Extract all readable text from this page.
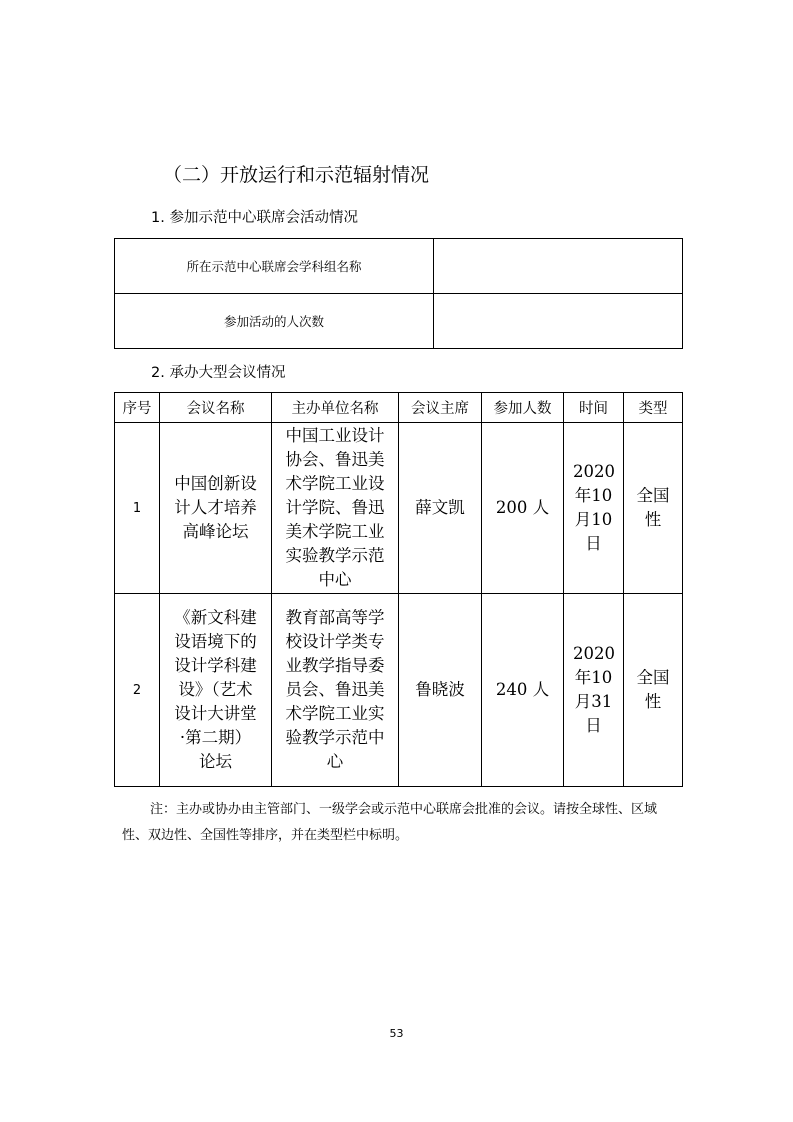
（二）开放运行和示范辐射情况
1. 参加示范中心联席会活动情况
所在示范中心联席会学科组名称	
参加活动的人次数	
2. 承办大型会议情况
序号	会议名称	主办单位名称	会议主席	参加人数	时间	类型
1	中国创新设计人才培养高峰论坛	中国工业设计协会、鲁迅美术学院工业设计学院、鲁迅美术学院工业实验教学示范中心	薛文凯	200 人	2020年10月10日	全国性
2	《新文科建设语境下的设计学科建设》（艺术设计大讲堂·第二期）论坛	教育部高等学校设计学类专业教学指导委员会、鲁迅美术学院工业实验教学示范中心	鲁晓波	240 人	2020年10月31日	全国性
注：主办或协办由主管部门、一级学会或示范中心联席会批准的会议。请按全球性、区域性、双边性、全国性等排序，并在类型栏中标明。
53
